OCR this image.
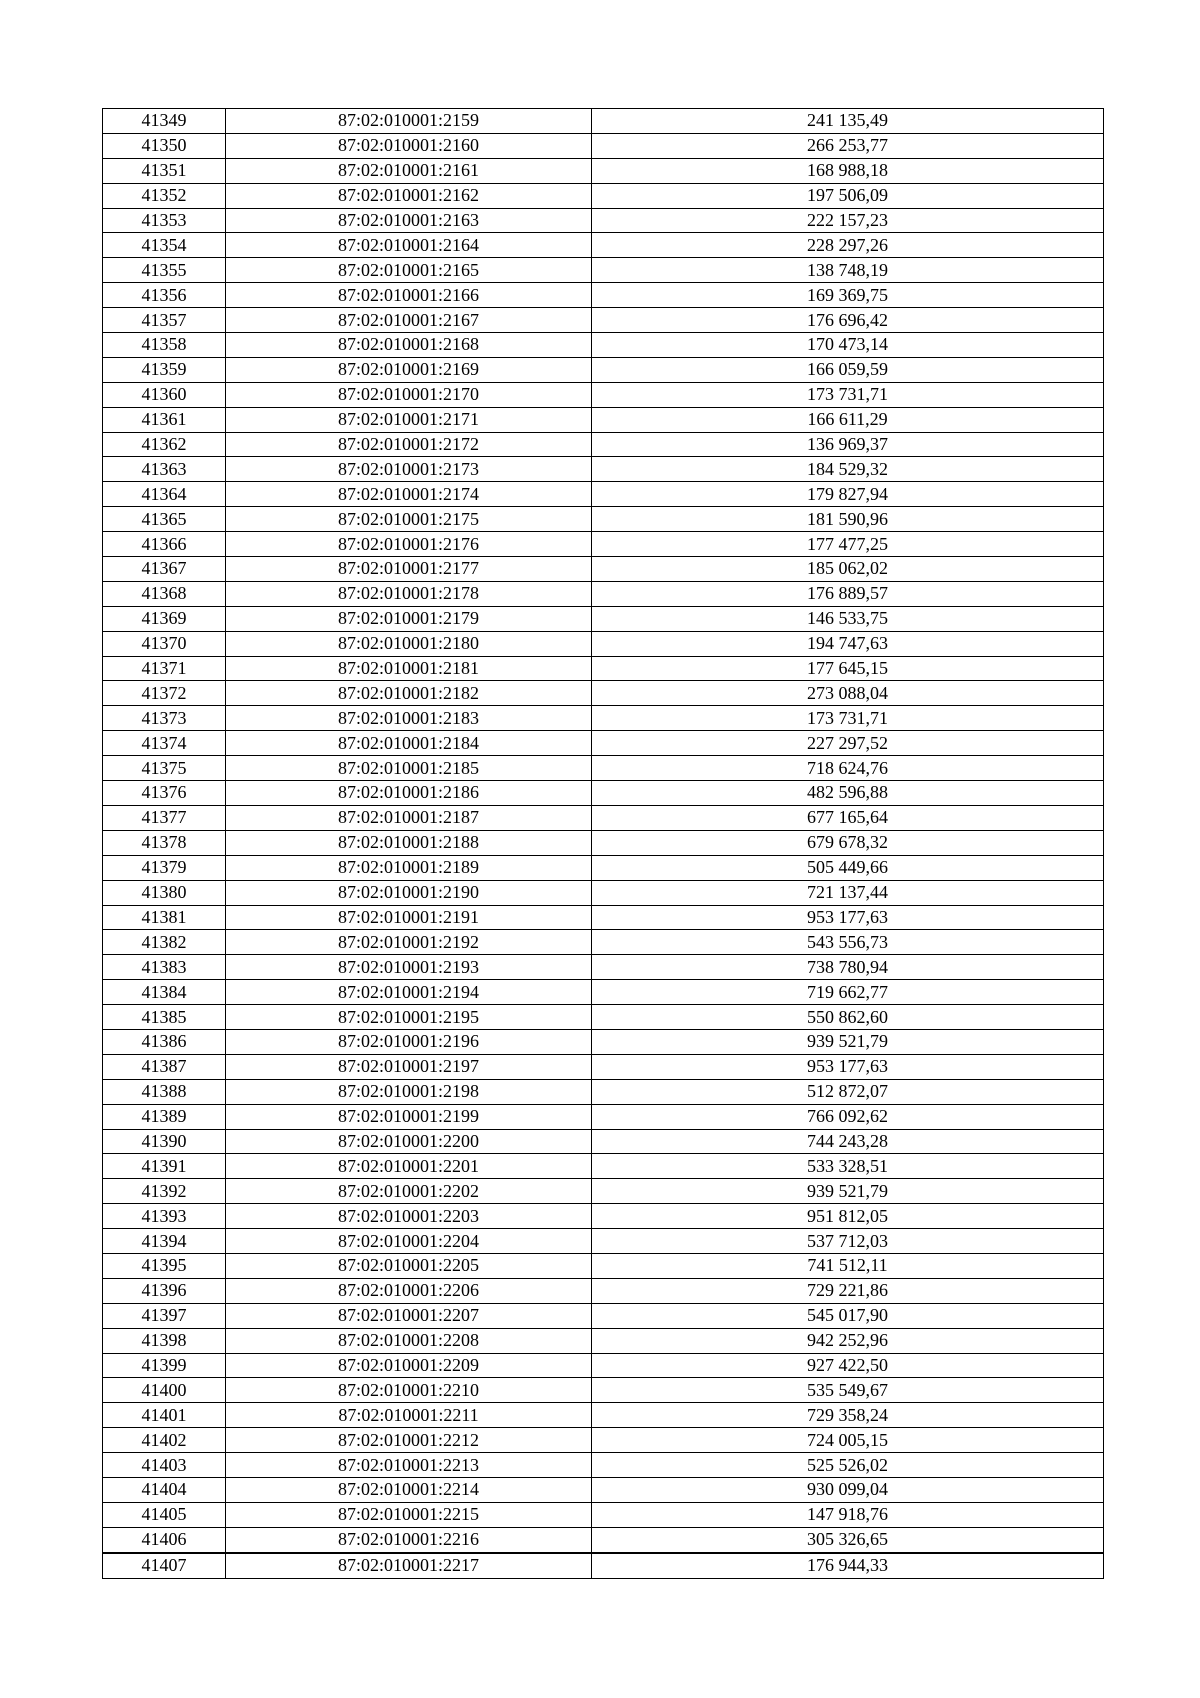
41349	87:02:010001:2159	241 135,49
41350	87:02:010001:2160	266 253,77
41351	87:02:010001:2161	168 988,18
41352	87:02:010001:2162	197 506,09
41353	87:02:010001:2163	222 157,23
41354	87:02:010001:2164	228 297,26
41355	87:02:010001:2165	138 748,19
41356	87:02:010001:2166	169 369,75
41357	87:02:010001:2167	176 696,42
41358	87:02:010001:2168	170 473,14
41359	87:02:010001:2169	166 059,59
41360	87:02:010001:2170	173 731,71
41361	87:02:010001:2171	166 611,29
41362	87:02:010001:2172	136 969,37
41363	87:02:010001:2173	184 529,32
41364	87:02:010001:2174	179 827,94
41365	87:02:010001:2175	181 590,96
41366	87:02:010001:2176	177 477,25
41367	87:02:010001:2177	185 062,02
41368	87:02:010001:2178	176 889,57
41369	87:02:010001:2179	146 533,75
41370	87:02:010001:2180	194 747,63
41371	87:02:010001:2181	177 645,15
41372	87:02:010001:2182	273 088,04
41373	87:02:010001:2183	173 731,71
41374	87:02:010001:2184	227 297,52
41375	87:02:010001:2185	718 624,76
41376	87:02:010001:2186	482 596,88
41377	87:02:010001:2187	677 165,64
41378	87:02:010001:2188	679 678,32
41379	87:02:010001:2189	505 449,66
41380	87:02:010001:2190	721 137,44
41381	87:02:010001:2191	953 177,63
41382	87:02:010001:2192	543 556,73
41383	87:02:010001:2193	738 780,94
41384	87:02:010001:2194	719 662,77
41385	87:02:010001:2195	550 862,60
41386	87:02:010001:2196	939 521,79
41387	87:02:010001:2197	953 177,63
41388	87:02:010001:2198	512 872,07
41389	87:02:010001:2199	766 092,62
41390	87:02:010001:2200	744 243,28
41391	87:02:010001:2201	533 328,51
41392	87:02:010001:2202	939 521,79
41393	87:02:010001:2203	951 812,05
41394	87:02:010001:2204	537 712,03
41395	87:02:010001:2205	741 512,11
41396	87:02:010001:2206	729 221,86
41397	87:02:010001:2207	545 017,90
41398	87:02:010001:2208	942 252,96
41399	87:02:010001:2209	927 422,50
41400	87:02:010001:2210	535 549,67
41401	87:02:010001:2211	729 358,24
41402	87:02:010001:2212	724 005,15
41403	87:02:010001:2213	525 526,02
41404	87:02:010001:2214	930 099,04
41405	87:02:010001:2215	147 918,76
41406	87:02:010001:2216	305 326,65
41407	87:02:010001:2217	176 944,33
